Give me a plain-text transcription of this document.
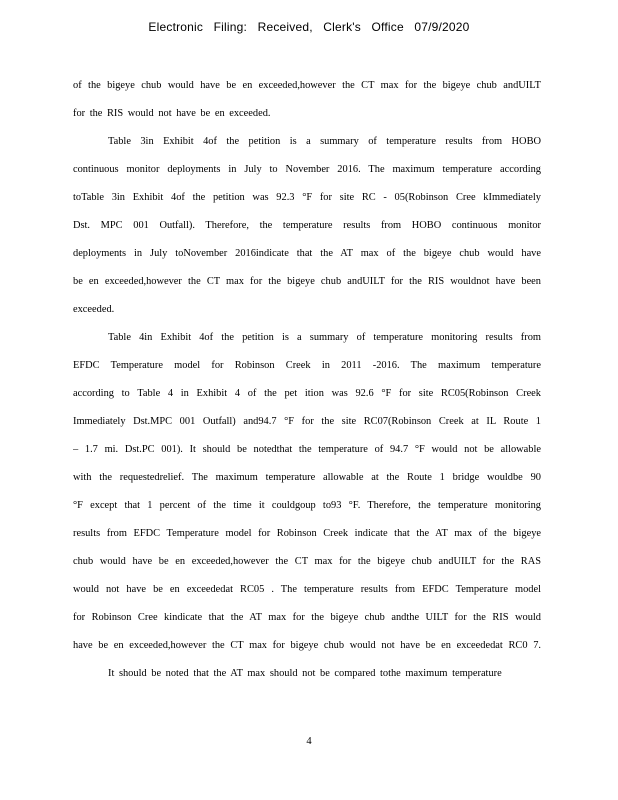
Electronic Filing: Received, Clerk's Office 07/9/2020
of the bigeye chub would have be en exceeded,however the CT max for the bigeye chub andUILT
for the RIS would not have be en exceeded.
Table 3in Exhibit 4of the petition is a summary of temperature results from HOBO
continuous monitor deployments in July to November 2016. The maximum temperature according
toTable 3in Exhibit 4of the petition was 92.3 °F for site RC - 05(Robinson Cree kImmediately
Dst. MPC 001 Outfall). Therefore, the temperature results from HOBO continuous monitor
deployments in July toNovember 2016indicate that the AT max of the bigeye chub would have
be en exceeded,however the CT max for the bigeye chub andUILT for the RIS wouldnot have been
exceeded.
Table 4in Exhibit 4of the petition is a summary of temperature monitoring results from
EFDC Temperature model for Robinson Creek in 2011 -2016. The maximum temperature
according to Table 4 in Exhibit 4 of the pet ition was 92.6 °F for site RC05(Robinson Creek
Immediately Dst.MPC 001 Outfall) and94.7 °F for the site RC07(Robinson Creek at IL Route 1
– 1.7 mi. Dst.PC 001). It should be notedthat the temperature of 94.7 °F would not be allowable
with the requestedrelief. The maximum temperature allowable at the Route 1 bridge wouldbe 90
°F except that 1 percent of the time it couldgoup to93 °F. Therefore, the temperature monitoring
results from EFDC Temperature model for Robinson Creek indicate that the AT max of the bigeye
chub would have be en exceeded,however the CT max for the bigeye chub andUILT for the RAS
would not have be en exceededat RC05 . The temperature results from EFDC Temperature model
for Robinson Cree kindicate that the AT max for the bigeye chub andthe UILT for the RIS would
have be en exceeded,however the CT max for bigeye chub would not have be en exceededat RC0 7.
It should be noted that the AT max should not be compared tothe maximum temperature
4
